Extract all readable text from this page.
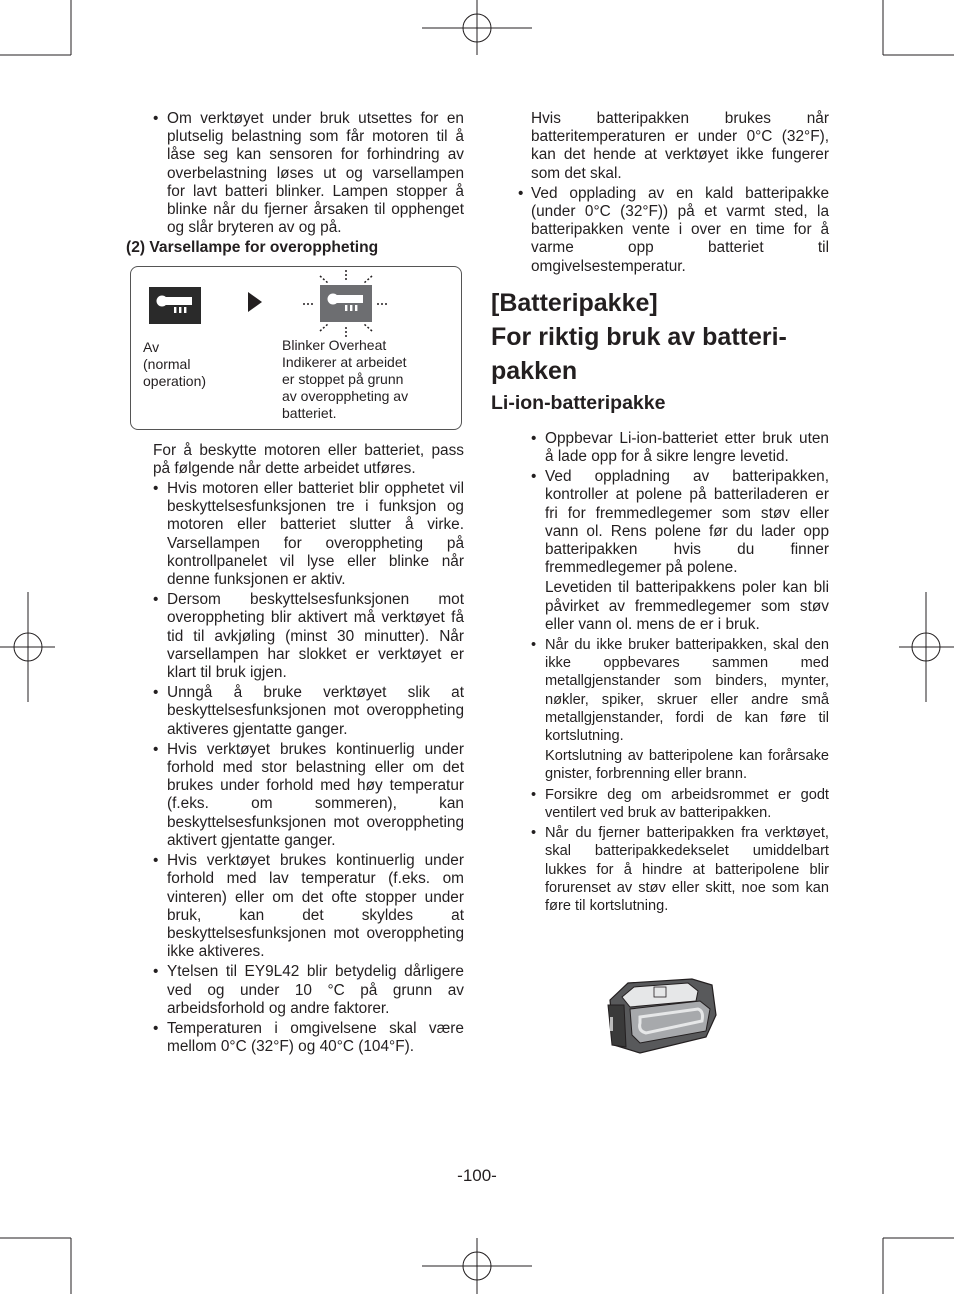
• Om verktøyet under bruk utsettes for en plutselig belastning som får motoren til å låse seg kan sensoren for forhindring av overbelastning løses ut og varsellampen for lavt batteri blinker. Lampen stopper å blinke når du fjerner årsaken til opphenget og slår bryteren av og på.
(2) Varsellampe for overoppheting
Av
(normal
operation)
Blinker Overheat
Indikerer at arbeidet
er stoppet på grunn
av overoppheting av
batteriet.
For å beskytte motoren eller batteriet, pass på følgende når dette arbeidet utføres.
• Hvis motoren eller batteriet blir opphetet vil beskyttelsesfunksjonen tre i funksjon og motoren eller batteriet slutter å virke. Varsellampen for overoppheting på kontrollpanelet vil lyse eller blinke når denne funksjonen er aktiv.
• Dersom beskyttelsesfunksjonen mot overoppheting blir aktivert må verktøyet få tid til avkjøling (minst 30 minutter). Når varsellampen har slokket er verktøyet er klart til bruk igjen.
• Unngå å bruke verktøyet slik at beskyttelsesfunksjonen mot overoppheting aktiveres gjentatte ganger.
• Hvis verktøyet brukes kontinuerlig under forhold med stor belastning eller om det brukes under forhold med høy temperatur (f.eks. om sommeren), kan beskyttelsesfunksjonen mot overoppheting aktivert gjentatte ganger.
• Hvis verktøyet brukes kontinuerlig under forhold med lav temperatur (f.eks. om vinteren) eller om det ofte stopper under bruk, kan det skyldes at beskyttelsesfunksjonen mot overoppheting ikke aktiveres.
• Ytelsen til EY9L42 blir betydelig dårligere ved og under 10 °C på grunn av arbeidsforhold og andre faktorer.
• Temperaturen i omgivelsene skal være mellom 0°C (32°F) og 40°C (104°F).
Hvis batteripakken brukes når batteritemperaturen er under 0°C (32°F), kan det hende at verktøyet ikke fungerer som det skal.
• Ved opplading av en kald batteripakke (under 0°C (32°F)) på et varmt sted, la batteripakken vente i over en time for å varme opp batteriet til omgivelsestemperatur.
[Batteripakke]
For riktig bruk av batteri-
pakken
Li-ion-batteripakke
• Oppbevar Li-ion-batteriet etter bruk uten å lade opp for å sikre lengre levetid.
• Ved oppladning av batteripakken, kontroller at polene på batteriladeren er fri for fremmedlegemer som støv eller vann ol. Rens polene før du lader opp batteripakken hvis du finner fremmedlegemer på polene.
Levetiden til batteripakkens poler kan bli påvirket av fremmedlegemer som støv eller vann ol. mens de er i bruk.
• Når du ikke bruker batteripakken, skal den ikke oppbevares sammen med metallgjenstander som binders, mynter, nøkler, spiker, skruer eller andre små metallgjenstander, fordi de kan føre til kortslutning.
Kortslutning av batteripolene kan forårsake gnister, forbrenning eller brann.
• Forsikre deg om arbeidsrommet er godt ventilert ved bruk av batteripakken.
• Når du fjerner batteripakken fra verktøyet, skal batteripakkedekselet umiddelbart lukkes for å hindre at batteripolene blir forurenset av støv eller skitt, noe som kan føre til kortslutning.
-100-
